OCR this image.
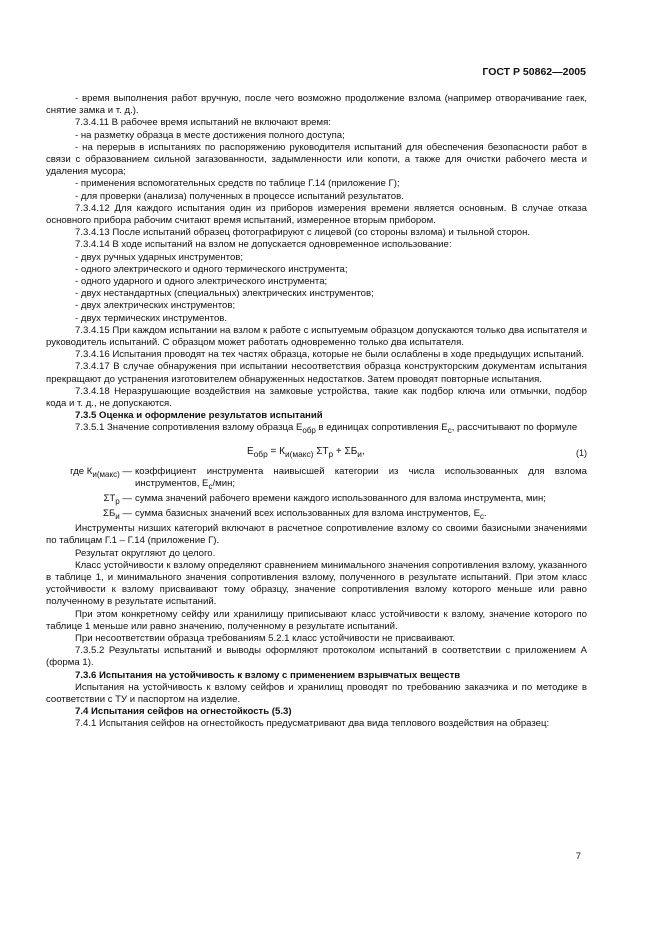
ГОСТ Р 50862—2005

- время выполнения работ вручную, после чего возможно продолжение взлома (например отворачивание гаек, снятие замка и т. д.).

7.3.4.11 В рабочее время испытаний не включают время:

- на разметку образца в месте достижения полного доступа;

- на перерыв в испытаниях по распоряжению руководителя испытаний для обеспечения безопасности работ в связи с образованием сильной загазованности, задымленности или копоти, а также для очистки рабочего места и удаления мусора;

- применения вспомогательных средств по таблице Г.14 (приложение Г);

- для проверки (анализа) полученных в процессе испытаний результатов.

7.3.4.12 Для каждого испытания один из приборов измерения времени является основным. В случае отказа основного прибора рабочим считают время испытаний, измеренное вторым прибором.

7.3.4.13 После испытаний образец фотографируют с лицевой (со стороны взлома) и тыльной сторон.

7.3.4.14 В ходе испытаний на взлом не допускается одновременное использование:

- двух ручных ударных инструментов;

- одного электрического и одного термического инструмента;

- одного ударного и одного электрического инструмента;

- двух нестандартных (специальных) электрических инструментов;

- двух электрических инструментов;

- двух термических инструментов.

7.3.4.15 При каждом испытании на взлом к работе с испытуемым образцом допускаются только два испытателя и руководитель испытаний. С образцом может работать одновременно только два испытателя.

7.3.4.16 Испытания проводят на тех частях образца, которые не были ослаблены в ходе предыдущих испытаний.

7.3.4.17 В случае обнаружения при испытании несоответствия образца конструкторским документам испытания прекращают до устранения изготовителем обнаруженных недостатков. Затем проводят повторные испытания.

7.3.4.18 Неразрушающие воздействия на замковые устройства, такие как подбор ключа или отмычки, подбор кода и т. д., не допускаются.

7.3.5 Оценка и оформление результатов испытаний

7.3.5.1 Значение сопротивления взлому образца $Е_{обр}$ в единицах сопротивления $Е_с$, рассчитывают по формуле

$Е_{обр} = К_{и(макс)}$ $\Sigma Т_р + \Sigma Б_и$,	(1)
где $К_{и(макс)}$ — коэффициент инструмента наивысшей категории из числа использованных для взлома инструментов, $Е_с$/мин;
$\Sigma Т_р$ — сумма значений рабочего времени каждого использованного для взлома инструмента, мин;
$\Sigma Б_и$ — сумма базисных значений всех использованных для взлома инструментов, $Е_с$.

Инструменты низших категорий включают в расчетное сопротивление взлому со своими базисными значениями по таблицам Г.1 – Г.14 (приложение Г).

Результат округляют до целого.

Класс устойчивости к взлому определяют сравнением минимального значения сопротивления взлому, указанного в таблице 1, и минимального значения сопротивления взлому, полученного в результате испытаний. При этом класс устойчивости к взлому присваивают тому образцу, значение сопротивления взлому которого меньше или равно полученному в результате испытаний.

При этом конкретному сейфу или хранилищу приписывают класс устойчивости к взлому, значение которого по таблице 1 меньше или равно значению, полученному в результате испытаний.

При несоответствии образца требованиям 5.2.1 класс устойчивости не присваивают.

7.3.5.2 Результаты испытаний и выводы оформляют протоколом испытаний в соответствии с приложением А (форма 1).

7.3.6 Испытания на устойчивость к взлому с применением взрывчатых веществ

Испытания на устойчивость к взлому сейфов и хранилищ проводят по требованию заказчика и по методике в соответствии с ТУ и паспортом на изделие.

7.4 Испытания сейфов на огнестойкость (5.3)

7.4.1 Испытания сейфов на огнестойкость предусматривают два вида теплового воздействия на образец:

7
